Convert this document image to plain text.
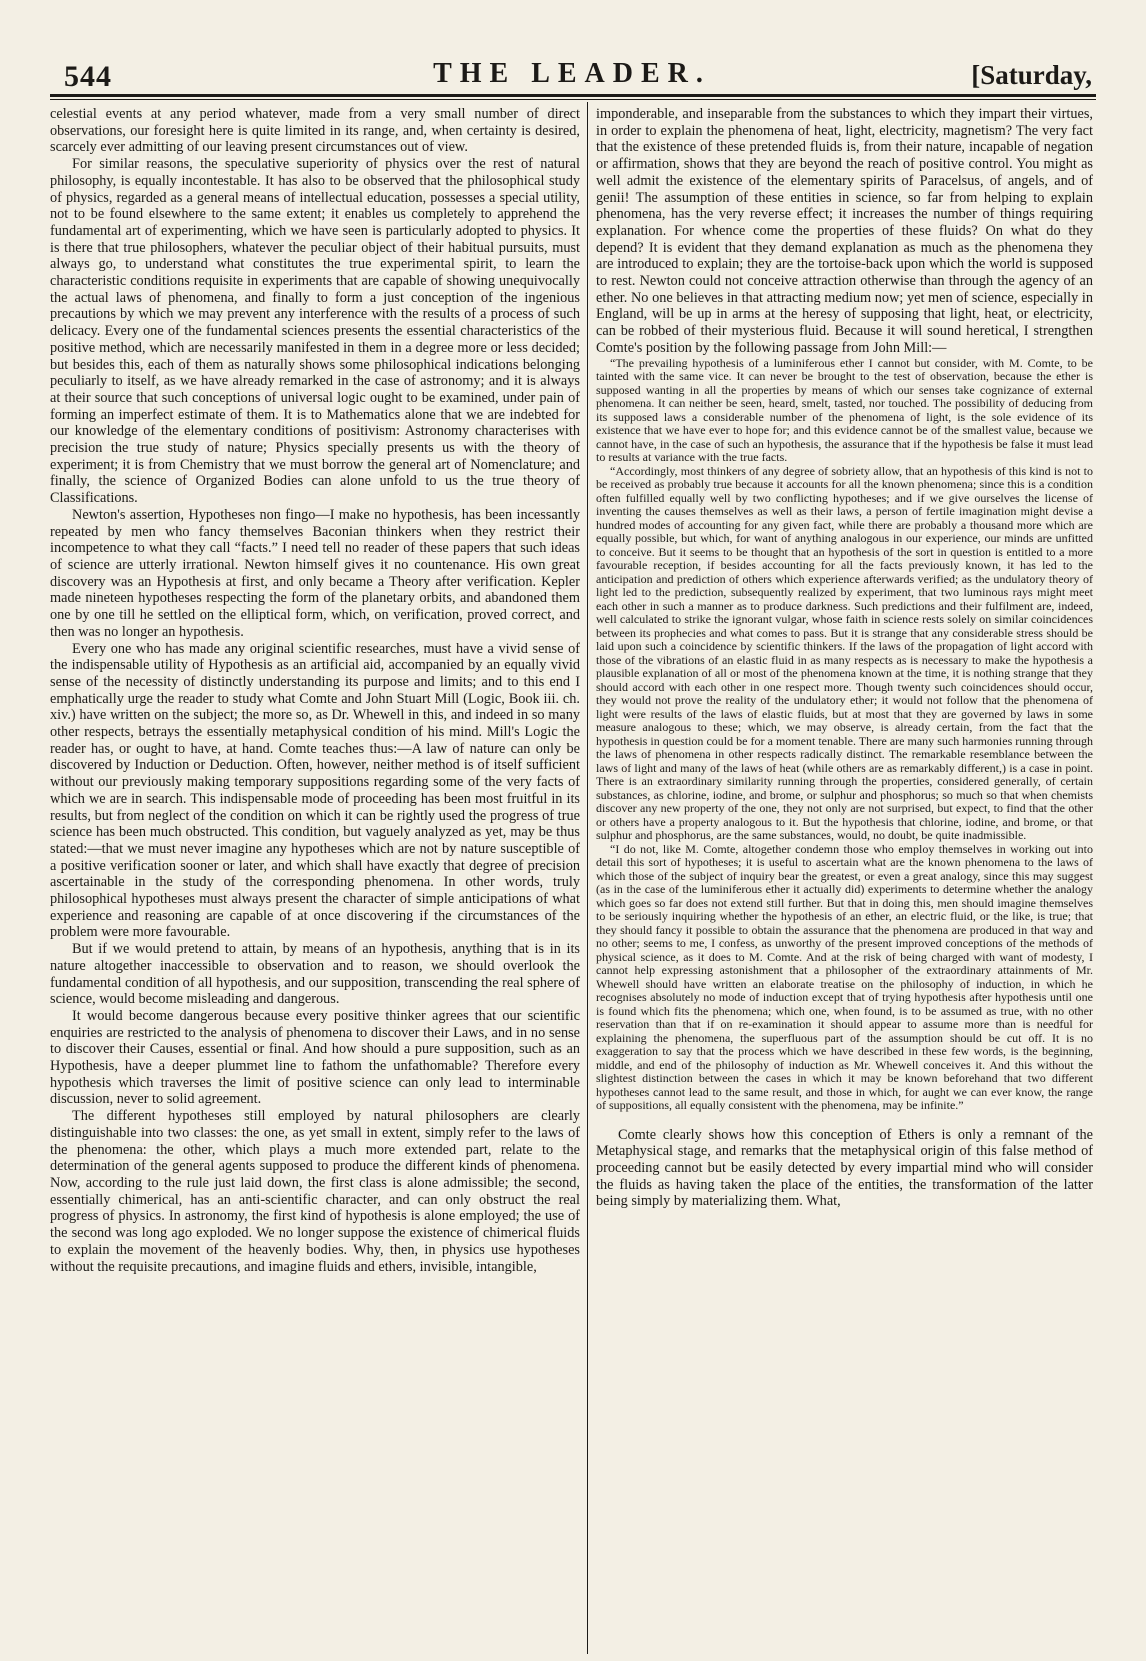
544	THE LEADER.	[Saturday,

celestial events at any period whatever, made from a very small number of direct observations, our foresight here is quite limited in its range, and, when certainty is desired, scarcely ever admitting of our leaving present circumstances out of view.

For similar reasons, the speculative superiority of physics over the rest of natural philosophy, is equally incontestable. It has also to be observed that the philosophical study of physics, regarded as a general means of intellectual education, possesses a special utility, not to be found elsewhere to the same extent; it enables us completely to apprehend the fundamental art of experimenting, which we have seen is particularly adopted to physics. It is there that true philosophers, whatever the peculiar object of their habitual pursuits, must always go, to understand what constitutes the true experimental spirit, to learn the characteristic conditions requisite in experiments that are capable of showing unequivocally the actual laws of phenomena, and finally to form a just conception of the ingenious precautions by which we may prevent any interference with the results of a process of such delicacy. Every one of the fundamental sciences presents the essential characteristics of the positive method, which are necessarily manifested in them in a degree more or less decided; but besides this, each of them as naturally shows some philosophical indications belonging peculiarly to itself, as we have already remarked in the case of astronomy; and it is always at their source that such conceptions of universal logic ought to be examined, under pain of forming an imperfect estimate of them. It is to Mathematics alone that we are indebted for our knowledge of the elementary conditions of positivism: Astronomy characterises with precision the true study of nature; Physics specially presents us with the theory of experiment; it is from Chemistry that we must borrow the general art of Nomenclature; and finally, the science of Organized Bodies can alone unfold to us the true theory of Classifications.

Newton's assertion, Hypotheses non fingo—I make no hypothesis, has been incessantly repeated by men who fancy themselves Baconian thinkers when they restrict their incompetence to what they call “facts.” I need tell no reader of these papers that such ideas of science are utterly irrational. Newton himself gives it no countenance. His own great discovery was an Hypothesis at first, and only became a Theory after verification. Kepler made nineteen hypotheses respecting the form of the planetary orbits, and abandoned them one by one till he settled on the elliptical form, which, on verification, proved correct, and then was no longer an hypothesis.

Every one who has made any original scientific researches, must have a vivid sense of the indispensable utility of Hypothesis as an artificial aid, accompanied by an equally vivid sense of the necessity of distinctly understanding its purpose and limits; and to this end I emphatically urge the reader to study what Comte and John Stuart Mill (Logic, Book iii. ch. xiv.) have written on the subject; the more so, as Dr. Whewell in this, and indeed in so many other respects, betrays the essentially metaphysical condition of his mind. Mill's Logic the reader has, or ought to have, at hand. Comte teaches thus:—A law of nature can only be discovered by Induction or Deduction. Often, however, neither method is of itself sufficient without our previously making temporary suppositions regarding some of the very facts of which we are in search. This indispensable mode of proceeding has been most fruitful in its results, but from neglect of the condition on which it can be rightly used the progress of true science has been much obstructed. This condition, but vaguely analyzed as yet, may be thus stated:—that we must never imagine any hypotheses which are not by nature susceptible of a positive verification sooner or later, and which shall have exactly that degree of precision ascertainable in the study of the corresponding phenomena. In other words, truly philosophical hypotheses must always present the character of simple anticipations of what experience and reasoning are capable of at once discovering if the circumstances of the problem were more favourable.

But if we would pretend to attain, by means of an hypothesis, anything that is in its nature altogether inaccessible to observation and to reason, we should overlook the fundamental condition of all hypothesis, and our supposition, transcending the real sphere of science, would become misleading and dangerous.

It would become dangerous because every positive thinker agrees that our scientific enquiries are restricted to the analysis of phenomena to discover their Laws, and in no sense to discover their Causes, essential or final. And how should a pure supposition, such as an Hypothesis, have a deeper plummet line to fathom the unfathomable? Therefore every hypothesis which traverses the limit of positive science can only lead to interminable discussion, never to solid agreement.

The different hypotheses still employed by natural philosophers are clearly distinguishable into two classes: the one, as yet small in extent, simply refer to the laws of the phenomena: the other, which plays a much more extended part, relate to the determination of the general agents supposed to produce the different kinds of phenomena. Now, according to the rule just laid down, the first class is alone admissible; the second, essentially chimerical, has an anti-scientific character, and can only obstruct the real progress of physics. In astronomy, the first kind of hypothesis is alone employed; the use of the second was long ago exploded. We no longer suppose the existence of chimerical fluids to explain the movement of the heavenly bodies. Why, then, in physics use hypotheses without the requisite precautions, and imagine fluids and ethers, invisible, intangible,

imponderable, and inseparable from the substances to which they impart their virtues, in order to explain the phenomena of heat, light, electricity, magnetism? The very fact that the existence of these pretended fluids is, from their nature, incapable of negation or affirmation, shows that they are beyond the reach of positive control. You might as well admit the existence of the elementary spirits of Paracelsus, of angels, and of genii! The assumption of these entities in science, so far from helping to explain phenomena, has the very reverse effect; it increases the number of things requiring explanation. For whence come the properties of these fluids? On what do they depend? It is evident that they demand explanation as much as the phenomena they are introduced to explain; they are the tortoise-back upon which the world is supposed to rest. Newton could not conceive attraction otherwise than through the agency of an ether. No one believes in that attracting medium now; yet men of science, especially in England, will be up in arms at the heresy of supposing that light, heat, or electricity, can be robbed of their mysterious fluid. Because it will sound heretical, I strengthen Comte's position by the following passage from John Mill:—

“The prevailing hypothesis of a luminiferous ether I cannot but consider, with M. Comte, to be tainted with the same vice. It can never be brought to the test of observation, because the ether is supposed wanting in all the properties by means of which our senses take cognizance of external phenomena. It can neither be seen, heard, smelt, tasted, nor touched. The possibility of deducing from its supposed laws a considerable number of the phenomena of light, is the sole evidence of its existence that we have ever to hope for; and this evidence cannot be of the smallest value, because we cannot have, in the case of such an hypothesis, the assurance that if the hypothesis be false it must lead to results at variance with the true facts.

“Accordingly, most thinkers of any degree of sobriety allow, that an hypothesis of this kind is not to be received as probably true because it accounts for all the known phenomena; since this is a condition often fulfilled equally well by two conflicting hypotheses; and if we give ourselves the license of inventing the causes themselves as well as their laws, a person of fertile imagination might devise a hundred modes of accounting for any given fact, while there are probably a thousand more which are equally possible, but which, for want of anything analogous in our experience, our minds are unfitted to conceive. But it seems to be thought that an hypothesis of the sort in question is entitled to a more favourable reception, if besides accounting for all the facts previously known, it has led to the anticipation and prediction of others which experience afterwards verified; as the undulatory theory of light led to the prediction, subsequently realized by experiment, that two luminous rays might meet each other in such a manner as to produce darkness. Such predictions and their fulfilment are, indeed, well calculated to strike the ignorant vulgar, whose faith in science rests solely on similar coincidences between its prophecies and what comes to pass. But it is strange that any considerable stress should be laid upon such a coincidence by scientific thinkers. If the laws of the propagation of light accord with those of the vibrations of an elastic fluid in as many respects as is necessary to make the hypothesis a plausible explanation of all or most of the phenomena known at the time, it is nothing strange that they should accord with each other in one respect more. Though twenty such coincidences should occur, they would not prove the reality of the undulatory ether; it would not follow that the phenomena of light were results of the laws of elastic fluids, but at most that they are governed by laws in some measure analogous to these; which, we may observe, is already certain, from the fact that the hypothesis in question could be for a moment tenable. There are many such harmonies running through the laws of phenomena in other respects radically distinct. The remarkable resemblance between the laws of light and many of the laws of heat (while others are as remarkably different,) is a case in point. There is an extraordinary similarity running through the properties, considered generally, of certain substances, as chlorine, iodine, and brome, or sulphur and phosphorus; so much so that when chemists discover any new property of the one, they not only are not surprised, but expect, to find that the other or others have a property analogous to it. But the hypothesis that chlorine, iodine, and brome, or that sulphur and phosphorus, are the same substances, would, no doubt, be quite inadmissible.

“I do not, like M. Comte, altogether condemn those who employ themselves in working out into detail this sort of hypotheses; it is useful to ascertain what are the known phenomena to the laws of which those of the subject of inquiry bear the greatest, or even a great analogy, since this may suggest (as in the case of the luminiferous ether it actually did) experiments to determine whether the analogy which goes so far does not extend still further. But that in doing this, men should imagine themselves to be seriously inquiring whether the hypothesis of an ether, an electric fluid, or the like, is true; that they should fancy it possible to obtain the assurance that the phenomena are produced in that way and no other; seems to me, I confess, as unworthy of the present improved conceptions of the methods of physical science, as it does to M. Comte. And at the risk of being charged with want of modesty, I cannot help expressing astonishment that a philosopher of the extraordinary attainments of Mr. Whewell should have written an elaborate treatise on the philosophy of induction, in which he recognises absolutely no mode of induction except that of trying hypothesis after hypothesis until one is found which fits the phenomena; which one, when found, is to be assumed as true, with no other reservation than that if on re-examination it should appear to assume more than is needful for explaining the phenomena, the superfluous part of the assumption should be cut off. It is no exaggeration to say that the process which we have described in these few words, is the beginning, middle, and end of the philosophy of induction as Mr. Whewell conceives it. And this without the slightest distinction between the cases in which it may be known beforehand that two different hypotheses cannot lead to the same result, and those in which, for aught we can ever know, the range of suppositions, all equally consistent with the phenomena, may be infinite.”

Comte clearly shows how this conception of Ethers is only a remnant of the Metaphysical stage, and remarks that the metaphysical origin of this false method of proceeding cannot but be easily detected by every impartial mind who will consider the fluids as having taken the place of the entities, the transformation of the latter being simply by materializing them. What,
